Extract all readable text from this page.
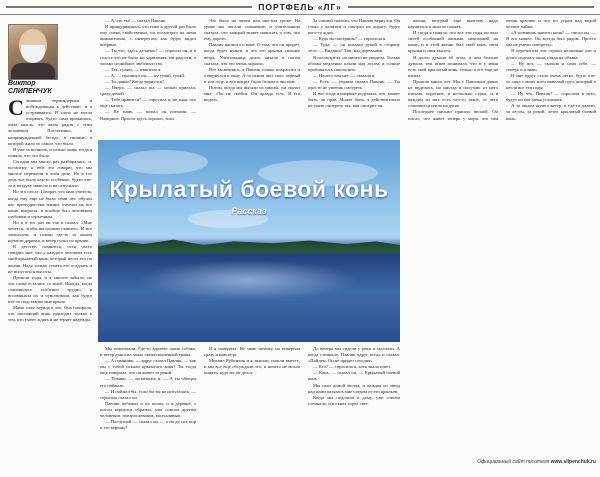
ПОРТФЕЛЬ «ЛГ»
Виктор СЛИПЕНЧУК

Слишком термоядерная и побуждающая к действию, и я устраиваюсь. И глаза не могла оторвать, будто сама прожилась, пила мысль, что жила рядом с этим человеком. Постепенно, в непринужденной беседе, в тишине, в которой жило то самое, что было.

Я уже за полночь, и только лишь тогда я поняла, что это было.

Сегодня мы много раз разбирались, и, по-моему, я тебе это говорю, что мы многое пережили в этом деле. Но в тот день все было как-то особенно, будто что-то в воздухе зависло и не отпускало.

Но это после. Говорят, что наш учитель, когда ему еще не было семи лет, обучал нас премудростям жизни, отвечал на все наши вопросы, и вообще был человеком глубоким и серьезным.

Но и в тот раз он так и сказал: «Мне хочется, чтобы вы поняли главное». И все замолчали, и только где-то за окном шумели деревья, и ветер гулял по крыше.

В детстве, помнится, отец часто говорил мне, что у каждого человека есть свой крылатый конь, который несет его по жизни. Надо только суметь его оседлать и не испугаться высоты.

Прошли годы, и я многое забыла, но эти слова остались со мной. Иногда, когда становилось особенно трудно, я вспоминала их и чувствовала, как будто кто-то подставлял мне крыло.

Мама тоже верила в это. Она говорила, что настоящий конь приходит только к тем, кто умеет ждать и не теряет надежды.

— А, это ты! — сказал Павлик.

И прищурившись, что тоже в другой раз было ему очень свойственно, он посмотрел на меня внимательно, с интересом, как будто видел впервые.

— Ты что, здесь делаешь? — спросил он, и в голосе его не было ни удивления, ни радости, а только спокойное любопытство.

— Так, гуляю, — ответила я.

— А, — протянул он, — ну гуляй, гуляй.

— Ты давно? Когда вернулся?

— Вчера, — сказал он, — ночью приехал, сразу домой.

— Тебе нравится? — спросила я, не зная, что еще сказать.

— Не знаю, — пожал он плечами. — Наверное. Просто здесь хорошо, тихо.

Это было на пятом или шестом уроке. На уроке мы писали сочинение, и учительница сказала, что каждый может написать о том, что ему дорого.

Павлик написал о коне. О том, что он придет, когда будет нужен, и что его крылья сильнее ветра. Учительница долго читала и потом сказала, что это очень хорошо.

Все засмеялись, а Павлик только покраснел и отвернулся к окну. А за окном шел снег, первый в том году, и все вокруг было белым и чистым.

Потом, когда мы вышли из школы, он сказал мне: «Ты не смейся. Он правда есть. Я его видел».

За спиной сказали, что Павлик вернулся. Он стоял у калитки и смотрел на дорогу, будто кого-то ждал.

— Куда ты смотришь? — спросила я.

— Туда, — он показал рукой в сторону леса. — Видишь? Там, над деревьями.

Я посмотрела, но ничего не увидела. Только облака медленно плыли над лесом, и солнце пробивалось сквозь них.

— Ничего там нет, — сказала я.

— Есть, — упрямо сказал Павлик. — Ты просто не умеешь смотреть.

И вот тогда я впервые подумала, что, может быть, он прав. Может быть, я действительно не умею смотреть так, как смотрит он.

Мы помолчали. Где-то вдалеке лаяла собака, и ветер доносил запах свежескошенной травы.

— А помнишь, — вдруг сказал Павлик, — как мы с тобой искали крылатого коня? Ты тогда еще говорила, что он живет за рекой.

— Помню, — засмеялась я. — А ты обещал его поймать.

— И поймал бы, если бы ты не испугалась, — серьезно сказал он.

Павлик побывал и на полях, и в деревне, а потом вернулся обратно, уже совсем другим человеком, повзрослевшим, молчаливым.

— Послушай, — сказал он, — а ты до сих пор в это веришь?

И я поверила. Не знаю почему, но поверила сразу и навсегда.

Михаил Рубинчик и я, вышли, пошли вместе, и мы все еще обсуждали это, и ничего не могли понять, куда же он делся.

До вечера мы сидели у реки и молчали. А когда стемнело, Павлик вдруг встал и сказал: «Пойдем. Он не придет сегодня».

— Кто? — спросила я, хотя знала ответ.

— Конь, — сказал он. — Крылатый боевой конь.

Мы шли домой молча, и каждая из звезд над нами казалась мне следом от его крыльев.

Когда мы подошли к дому, уже совсем стемнело, и в окнах горел свет.

жизни, который ещё многому надо научиться и многое понять.

И тогда я поняла, что все эти годы он жил своей особенной жизнью, непохожей на нашу, и в этой жизни был свой конь, свои крылья и своя высота.

Я долго думала об этом, и чем больше думала, тем яснее понимала, что и у меня есть свой крылатый конь, только я его еще не нашла.

Прошло много лет. Мы с Павликом давно не виделись, но иногда я получаю от него письма, короткие, в несколько строк, и в каждом из них есть что-то такое, от чего становится тепло на душе.

Последнее письмо пришло весной. Он писал, что живет теперь у моря, что там очень красиво и что по утрам над водой летают чайки.

«А помнишь нашего коня? — писал он. — Я его нашел. Он всегда был рядом. Просто мы не умели смотреть».

Я перечитала эти строки несколько раз и долго сидела у окна, глядя на облака.

— Ну вот, — сказала я сама себе, — теперь и я знаю.

И мне вдруг стало очень легко, будто кто-то снял с моих плеч тяжелый груз, который я несла все эти годы.

— Ну что, Павлик? — спросила я тихо, будто он мог меня услышать.

А за окном шумел ветер, и где-то далеко, за лесом, за рекой, летел крылатый боевой конь.

Крылатый боевой конь
Рассказ
Официальный сайт писателя www.slipenchuk.ru
